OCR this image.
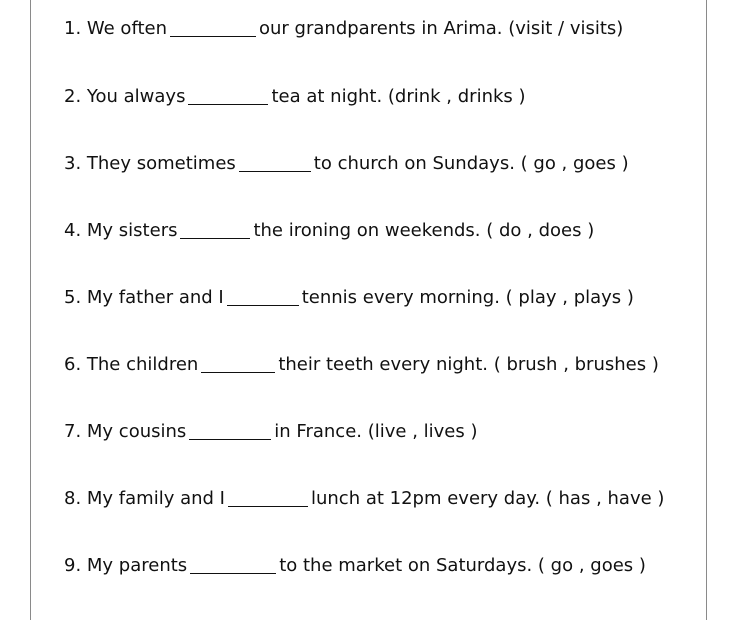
1. We often	our grandparents in Arima. (visit / visits)
2. You always	tea at night. (drink , drinks )
3. They sometimes	to church on Sundays. ( go , goes )
4. My sisters	the ironing on weekends. ( do , does )
5. My father and I	tennis every morning. ( play , plays )
6. The children	their teeth every night. ( brush , brushes )
7. My cousins	in France. (live , lives )
8. My family and I	lunch at 12pm every day. ( has , have )
9. My parents	to the market on Saturdays. ( go , goes )
